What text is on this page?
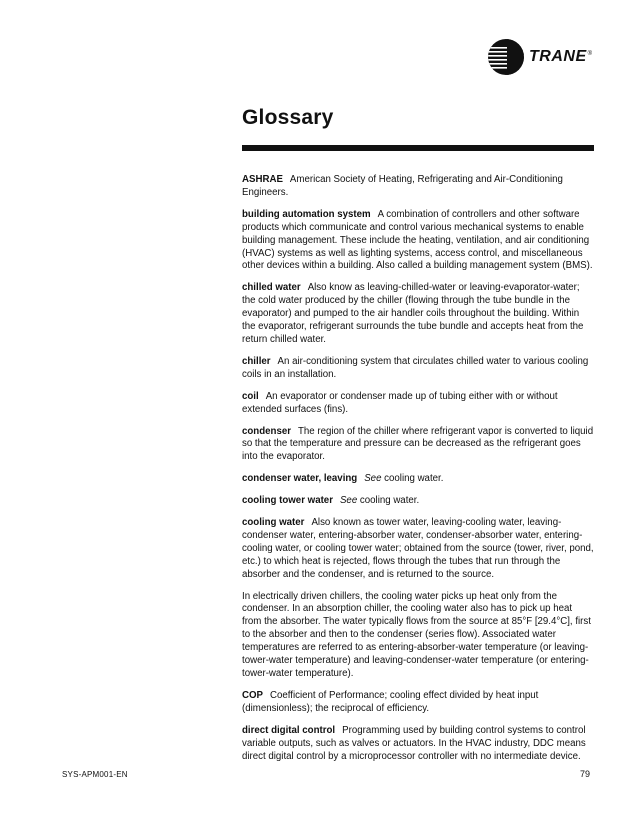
TRANE®
Glossary

ASHRAE American Society of Heating, Refrigerating and Air-Conditioning Engineers.

building automation system A combination of controllers and other software products which communicate and control various mechanical systems to enable building management. These include the heating, ventilation, and air conditioning (HVAC) systems as well as lighting systems, access control, and miscellaneous other devices within a building. Also called a building management system (BMS).

chilled water Also know as leaving-chilled-water or leaving-evaporator-water; the cold water produced by the chiller (flowing through the tube bundle in the evaporator) and pumped to the air handler coils throughout the building. Within the evaporator, refrigerant surrounds the tube bundle and accepts heat from the return chilled water.

chiller An air-conditioning system that circulates chilled water to various cooling coils in an installation.

coil An evaporator or condenser made up of tubing either with or without extended surfaces (fins).

condenser The region of the chiller where refrigerant vapor is converted to liquid so that the temperature and pressure can be decreased as the refrigerant goes into the evaporator.

condenser water, leaving See cooling water.

cooling tower water See cooling water.

cooling water Also known as tower water, leaving-cooling water, leaving-condenser water, entering-absorber water, condenser-absorber water, entering-cooling water, or cooling tower water; obtained from the source (tower, river, pond, etc.) to which heat is rejected, flows through the tubes that run through the absorber and the condenser, and is returned to the source.

In electrically driven chillers, the cooling water picks up heat only from the condenser. In an absorption chiller, the cooling water also has to pick up heat from the absorber. The water typically flows from the source at 85°F [29.4°C], first to the absorber and then to the condenser (series flow). Associated water temperatures are referred to as entering-absorber-water temperature (or leaving-tower-water temperature) and leaving-condenser-water temperature (or entering-tower-water temperature).

COP Coefficient of Performance; cooling effect divided by heat input (dimensionless); the reciprocal of efficiency.

direct digital control Programming used by building control systems to control variable outputs, such as valves or actuators. In the HVAC industry, DDC means direct digital control by a microprocessor controller with no intermediate device.

SYS-APM001-EN	79
